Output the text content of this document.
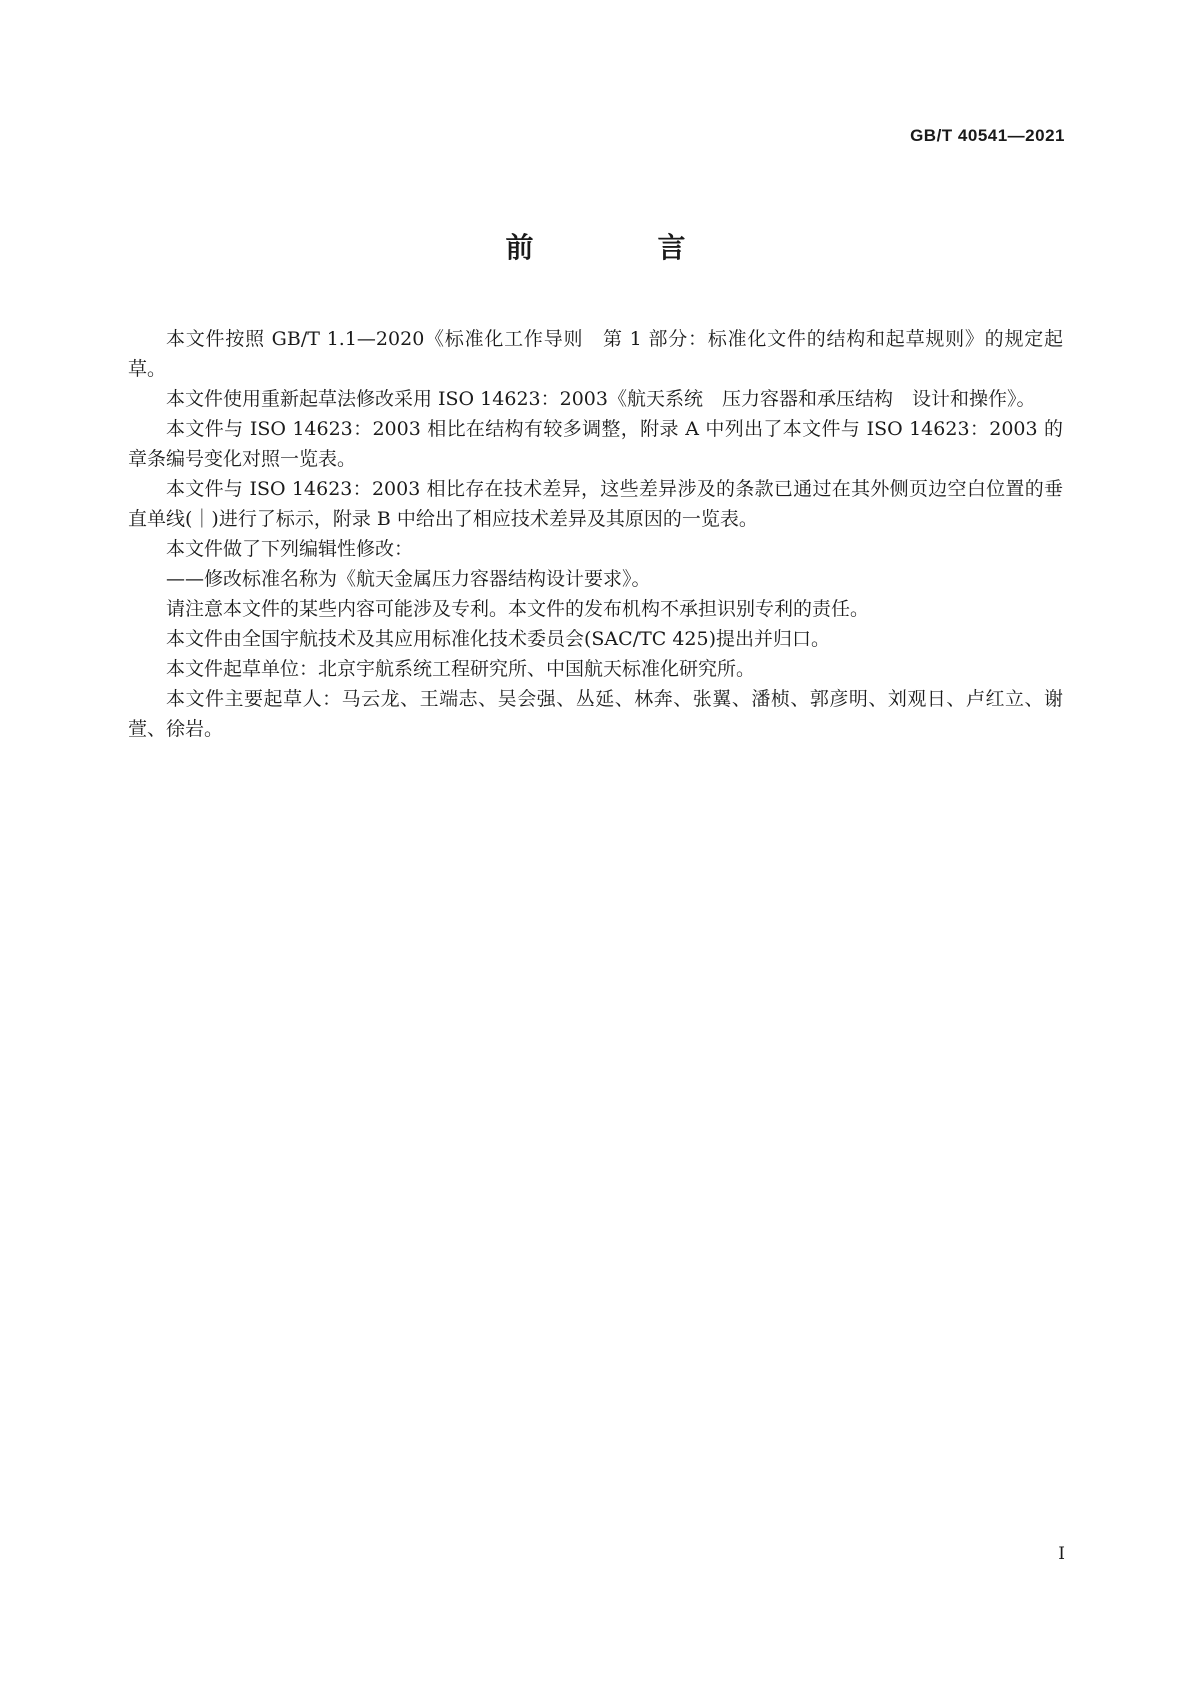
GB/T 40541—2021
前　言

本文件按照 GB/T 1.1—2020《标准化工作导则　第 1 部分：标准化文件的结构和起草规则》的规定起草。

本文件使用重新起草法修改采用 ISO 14623：2003《航天系统　压力容器和承压结构　设计和操作》。

本文件与 ISO 14623：2003 相比在结构有较多调整，附录 A 中列出了本文件与 ISO 14623：2003 的章条编号变化对照一览表。

本文件与 ISO 14623：2003 相比存在技术差异，这些差异涉及的条款已通过在其外侧页边空白位置的垂直单线(｜)进行了标示，附录 B 中给出了相应技术差异及其原因的一览表。

本文件做了下列编辑性修改：

——修改标准名称为《航天金属压力容器结构设计要求》。

请注意本文件的某些内容可能涉及专利。本文件的发布机构不承担识别专利的责任。

本文件由全国宇航技术及其应用标准化技术委员会(SAC/TC 425)提出并归口。

本文件起草单位：北京宇航系统工程研究所、中国航天标准化研究所。

本文件主要起草人：马云龙、王端志、吴会强、丛延、林奔、张翼、潘桢、郭彦明、刘观日、卢红立、谢萱、徐岩。

I
